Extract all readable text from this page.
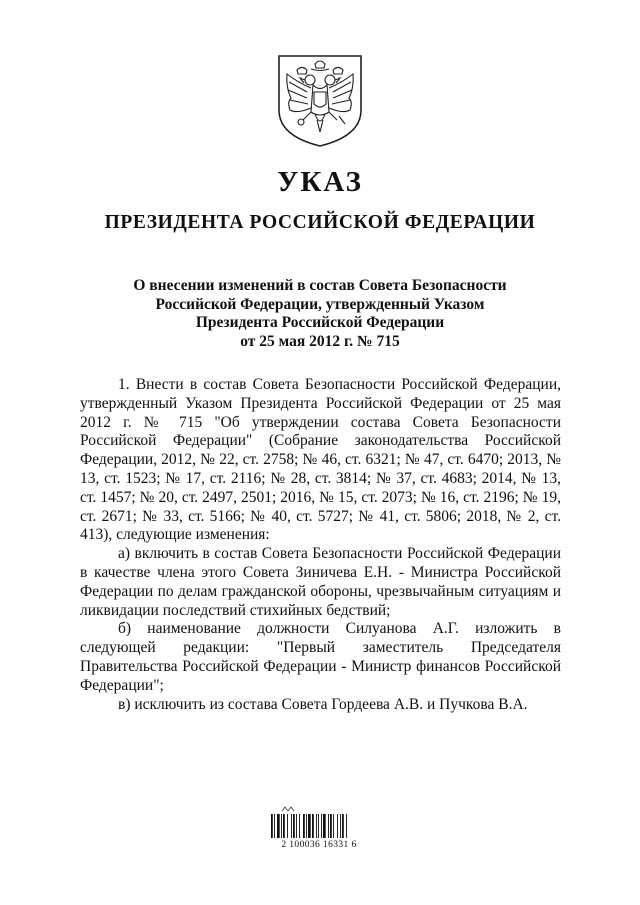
УКАЗ
ПРЕЗИДЕНТА РОССИЙСКОЙ ФЕДЕРАЦИИ
О внесении изменений в состав Совета Безопасности
Российской Федерации, утвержденный Указом
Президента Российской Федерации
от 25 мая 2012 г. № 715

1. Внести в состав Совета Безопасности Российской Федерации, утвержденный Указом Президента Российской Федерации от 25 мая 2012 г. № 715 "Об утверждении состава Совета Безопасности Российской Федерации" (Собрание законодательства Российской Федерации, 2012, № 22, ст. 2758; № 46, ст. 6321; № 47, ст. 6470; 2013, № 13, ст. 1523; № 17, ст. 2116; № 28, ст. 3814; № 37, ст. 4683; 2014, № 13, ст. 1457; № 20, ст. 2497, 2501; 2016, № 15, ст. 2073; № 16, ст. 2196; № 19, ст. 2671; № 33, ст. 5166; № 40, ст. 5727; № 41, ст. 5806; 2018, № 2, ст. 413), следующие изменения:

а) включить в состав Совета Безопасности Российской Федерации в качестве члена этого Совета Зиничева Е.Н. - Министра Российской Федерации по делам гражданской обороны, чрезвычайным ситуациям и ликвидации последствий стихийных бедствий;

б) наименование должности Силуанова А.Г. изложить в следующей редакции: "Первый заместитель Председателя Правительства Российской Федерации - Министр финансов Российской Федерации";

в) исключить из состава Совета Гордеева А.В. и Пучкова В.А.

2 100036 16331 6
